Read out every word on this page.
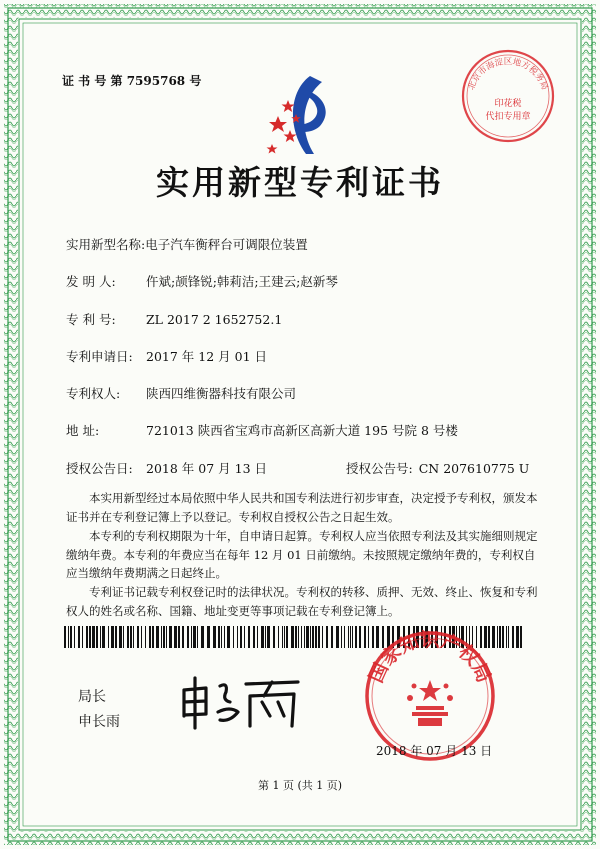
证 书 号 第 7595768 号	北京市海淀区地方税务局
印花税
代扣专用章
实用新型专利证书
实用新型名称:电子汽车衡秤台可调限位装置
发 明 人: 仵斌;颉锋锐;韩莉洁;王建云;赵新琴
专 利 号: ZL 2017 2 1652752.1
专利申请日: 2017 年 12 月 01 日
专利权人: 陕西四维衡器科技有限公司
地 址:	721013 陕西省宝鸡市高新区高新大道 195 号院 8 号楼
授权公告日: 2018 年 07 月 13 日	授权公告号: CN 207610775 U
本实用新型经过本局依照中华人民共和国专利法进行初步审查，决定授予专利权，颁发本证书并在专利登记簿上予以登记。专利权自授权公告之日起生效。
本专利的专利权期限为十年，自申请日起算。专利权人应当依照专利法及其实施细则规定缴纳年费。本专利的年费应当在每年 12 月 01 日前缴纳。未按照规定缴纳年费的，专利权自应当缴纳年费期满之日起终止。
专利证书记载专利权登记时的法律状况。专利权的转移、质押、无效、终止、恢复和专利权人的姓名或名称、国籍、地址变更等事项记载在专利登记簿上。
局长
申长雨
国家知识产权局
2018 年 07 月 13 日
第 1 页 (共 1 页)
